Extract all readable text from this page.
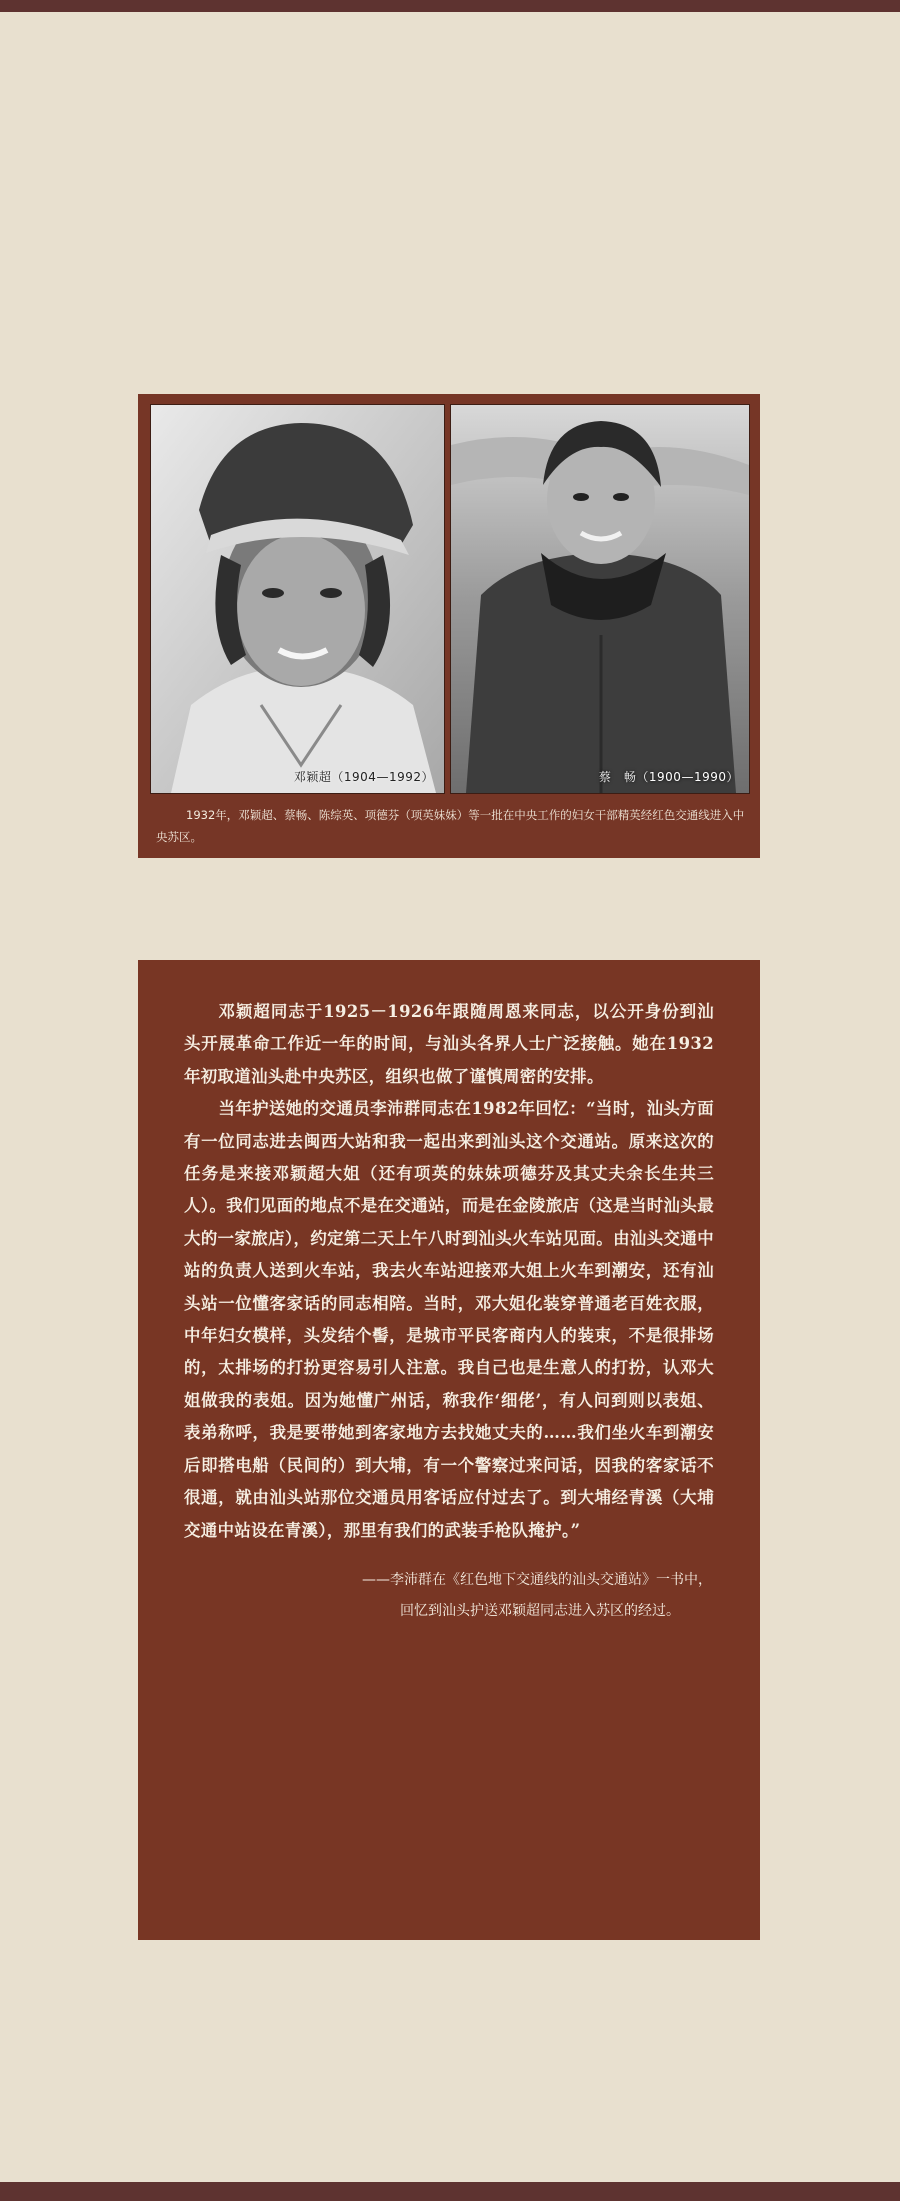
邓颖超（1904—1992）	蔡　畅（1900—1990）
1932年，邓颖超、蔡畅、陈综英、项德芬（项英妹妹）等一批在中央工作的妇女干部精英经红色交通线进入中央苏区。

邓颖超同志于1925－1926年跟随周恩来同志，以公开身份到汕头开展革命工作近一年的时间，与汕头各界人士广泛接触。她在1932年初取道汕头赴中央苏区，组织也做了谨慎周密的安排。

当年护送她的交通员李沛群同志在1982年回忆：“当时，汕头方面有一位同志进去闽西大站和我一起出来到汕头这个交通站。原来这次的任务是来接邓颖超大姐（还有项英的妹妹项德芬及其丈夫余长生共三人）。我们见面的地点不是在交通站，而是在金陵旅店（这是当时汕头最大的一家旅店），约定第二天上午八时到汕头火车站见面。由汕头交通中站的负责人送到火车站，我去火车站迎接邓大姐上火车到潮安，还有汕头站一位懂客家话的同志相陪。当时，邓大姐化装穿普通老百姓衣服，中年妇女模样，头发结个髻，是城市平民客商内人的装束，不是很排场的，太排场的打扮更容易引人注意。我自己也是生意人的打扮，认邓大姐做我的表姐。因为她懂广州话，称我作‘细佬’，有人问到则以表姐、表弟称呼，我是要带她到客家地方去找她丈夫的……我们坐火车到潮安后即搭电船（民间的）到大埔，有一个警察过来问话，因我的客家话不很通，就由汕头站那位交通员用客话应付过去了。到大埔经青溪（大埔交通中站设在青溪），那里有我们的武装手枪队掩护。”

——李沛群在《红色地下交通线的汕头交通站》一书中，
回忆到汕头护送邓颖超同志进入苏区的经过。
